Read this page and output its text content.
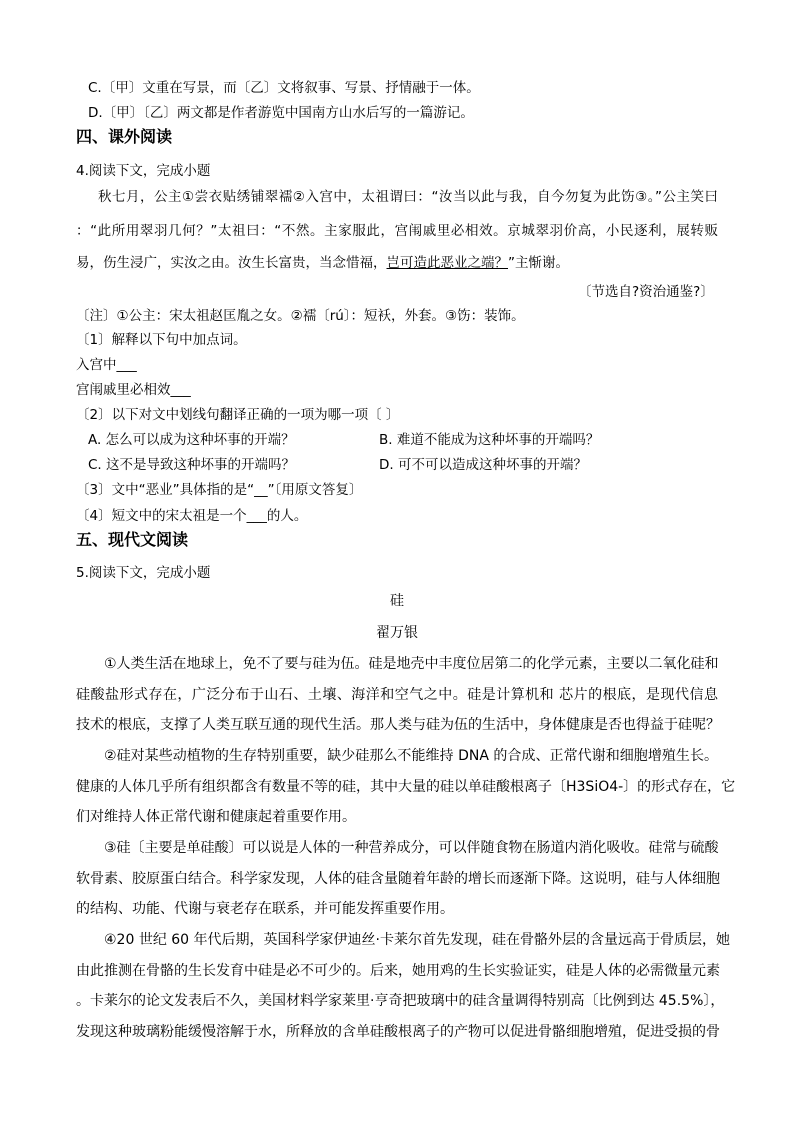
C.〔甲〕文重在写景，而〔乙〕文将叙事、写景、抒情融于一体。
D.〔甲〕〔乙〕两文都是作者游览中国南方山水后写的一篇游记。
四、课外阅读
4.阅读下文，完成小题
秋七月，公主①尝衣贴绣铺翠襦②入宫中，太祖谓曰：“汝当以此与我，自今勿复为此饬③。”公主笑曰
：“此所用翠羽几何？”太祖曰：“不然。主家服此，宫闱戚里必相效。京城翠羽价高，小民逐利，展转贩
易，伤生浸广，实汝之由。汝生长富贵，当念惜福，岂可造此恶业之端？”主惭谢。
〔节选自?资治通鉴?〕
〔注〕①公主：宋太祖赵匡胤之女。②襦〔rú〕：短袄，外套。③饬：装饰。
〔1〕解释以下句中加点词。
入宫中___
宫闱戚里必相效___
〔2〕以下对文中划线句翻译正确的一项为哪一项〔 〕
A. 怎么可以成为这种坏事的开端？	B. 难道不能成为这种坏事的开端吗？
C. 这不是导致这种坏事的开端吗？	D. 可不可以造成这种坏事的开端？
〔3〕文中“恶业”具体指的是“__”〔用原文答复〕
〔4〕短文中的宋太祖是一个___的人。
五、现代文阅读
5.阅读下文，完成小题
硅
翟万银
①人类生活在地球上，免不了要与硅为伍。硅是地壳中丰度位居第二的化学元素，主要以二氧化硅和
硅酸盐形式存在，广泛分布于山石、土壤、海洋和空气之中。硅是计算机和 芯片的根底，是现代信息
技术的根底，支撑了人类互联互通的现代生活。那人类与硅为伍的生活中，身体健康是否也得益于硅呢？
②硅对某些动植物的生存特别重要，缺少硅那么不能维持 DNA 的合成、正常代谢和细胞增殖生长。
健康的人体几乎所有组织都含有数量不等的硅，其中大量的硅以单硅酸根离子〔H3SiO4-〕的形式存在，它
们对维持人体正常代谢和健康起着重要作用。
③硅〔主要是单硅酸〕可以说是人体的一种营养成分，可以伴随食物在肠道内消化吸收。硅常与硫酸
软骨素、胶原蛋白结合。科学家发现，人体的硅含量随着年龄的增长而逐渐下降。这说明，硅与人体细胞
的结构、功能、代谢与衰老存在联系，并可能发挥重要作用。
④20 世纪 60 年代后期，英国科学家伊迪丝·卡莱尔首先发现，硅在骨骼外层的含量远高于骨质层，她
由此推测在骨骼的生长发育中硅是必不可少的。后来，她用鸡的生长实验证实，硅是人体的必需微量元素
。卡莱尔的论文发表后不久，美国材料学家莱里·亨奇把玻璃中的硅含量调得特别高〔比例到达 45.5%〕，
发现这种玻璃粉能缓慢溶解于水，所释放的含单硅酸根离子的产物可以促进骨骼细胞增殖，促进受损的骨
